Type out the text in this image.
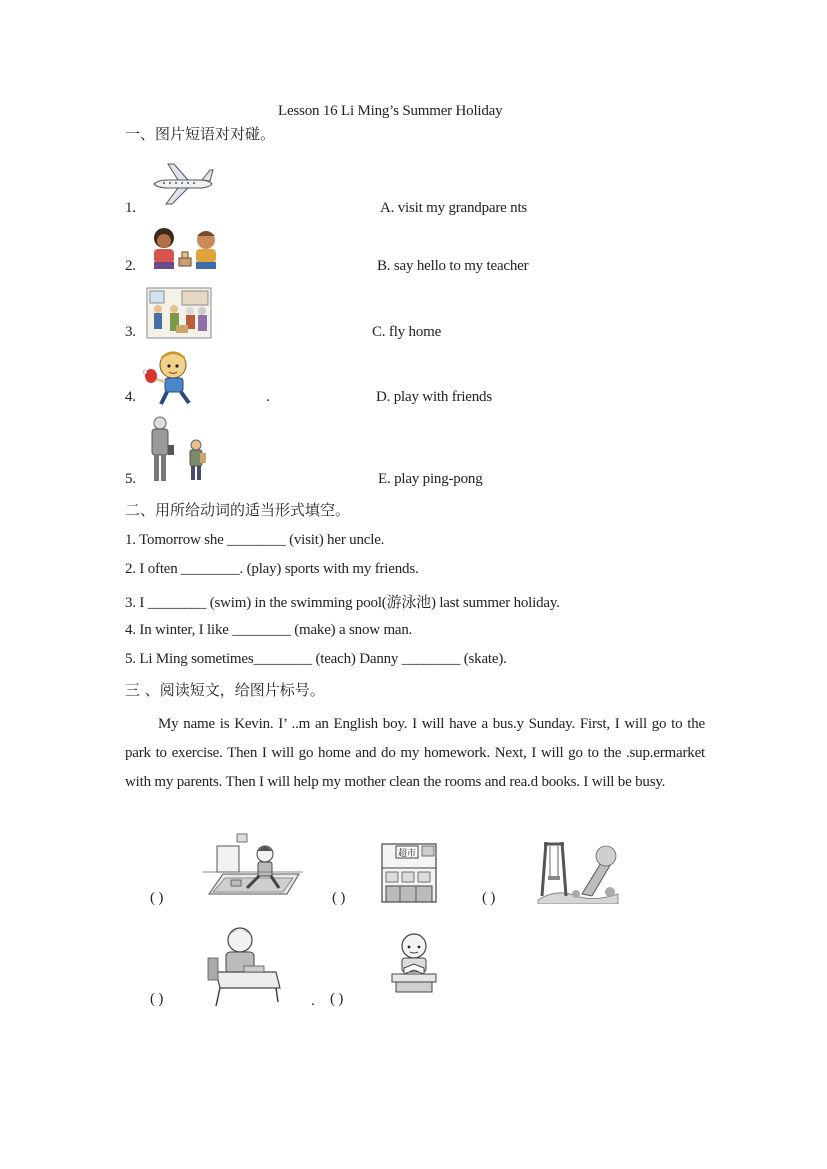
Lesson 16 Li Ming’s Summer Holiday
一、图片短语对对碰。
1.	A. visit my grandpare nts
2.	B. say hello to my teacher
3.	C. fly home
4.	.	D. play with friends
5.	E. play ping-pong
二、用所给动词的适当形式填空。
1. Tomorrow she ________ (visit) her uncle.
2. I often ________. (play) sports with my friends.
3. I ________ (swim) in the swimming pool(游泳池) last summer holiday.
4. In winter, I like ________ (make) a snow man.
5. Li Ming sometimes________ (teach) Danny ________ (skate).
三 、阅读短文，给图片标号。
My name is Kevin. I’ ..m an English boy. I will have a bus.y Sunday. First, I will go to the park to exercise. Then I will go home and do my homework. Next, I will go to the .sup.ermarket with my parents. Then I will help my mother clean the rooms and rea.d books. I will be busy.
( )	( )
超市
( )
( )	. ( )
